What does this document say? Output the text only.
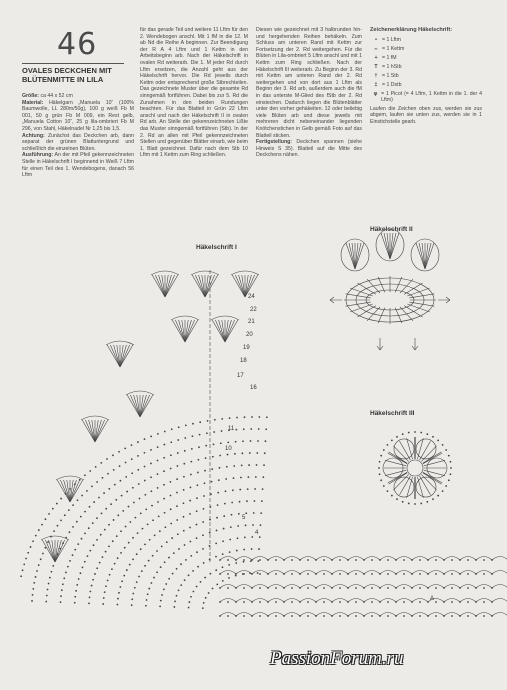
46
OVALES DECKCHEN MIT BLÜTENMITTE IN LILA

Größe: ca 44 x 52 cm

Material: Häkelgarn „Manuela 10“ (100% Baumwolle, LL 280m/50g), 100 g weiß Fb M 001, 50 g grün Fb M 009, ein Rest gelb, „Manuela Cotton 10“, 25 g lila-ombriert Fb M 296, von Stahl, Häkelnadel Nr 1,25 bis 1,5.

Achtung: Zunächst das Deckchen arb, dann separat der grünen Blattuntergrund und schließlich die einzelnen Blüten.

Ausführung: An der mit Pfeil gekennzeichneten Stelle in Häkelschrift I beginnend in Weiß 7 Lftm für einen Teil des 1. Wendebogens, danach 56 Lftm

für das gerade Teil und weitere 11 Lftm für den 2. Wendebogen anschl. Mit 1 fM in die 12. M ab Nd die Reihe A beginnen. Zur Beendigung der R A 4 Lftm und 1 Kettm in den Arbeitsbeginn arb. Nach der Häkelschrift in ovalen Rd weiterarb. Die 1. M jeder Rd durch Lftm ersetzen, die Anzahl geht aus der Häkelschrift hervor. Die Rd jeweils durch Kettm oder entsprechend große Stbrechteilen. Das gezeichnete Muster über die gesamte Rd sinngemäß fortführen. Dabei bis zur 5. Rd die Zunahmen in den beiden Rundungen beachten. Für das Blatteil in Grün 22 Lftm anschl und nach der Häkelschrift II in ovalen Rd arb. An Stelle der gekennzeichneten Lißte das Muster sinngemäß fortführen (Stb). In der 2. Rd an allen mit Pfeil gekennzeichneten Stellen und gegenüber Blätter einarb, wie beim 1. Blatt gezeichnet. Dafür nach dem Stb 10 Lftm mit 1 Kettm zum Ring schließen.

Diesen wie gezeichnet mit 3 halbrunden hin- und hergehenden Reihen behäkeln. Zum Schluss am unteren Rand mit Kettm zur Fortsetzung der 2. Rd weitergehen. Für die Blüten in Lila-ombriert 5 Lftm anschl und mit 1 Kettm zum Ring schließen. Nach der Häkelschrift III weiterarb. Zu Beginn der 3. Rd mit Kettm am unteren Rand der 2. Rd weitergehen und von dort aus 1 Lftm als Beginn der 3. Rd arb, außerdem auch die fM in das unterste M-Glied des fStb der 2. Rd einstechen. Dadurch liegen die Blütenblätter unter den vorher gehäkelten. 12 oder beliebig viele Blüten arb und diese jeweils mit mehreren dicht nebeneinander liegenden Knötchenstichen in Gelb gemäß Foto auf das Blatteil sticken.

Fertigstellung: Deckchen spannen (siehe Hinweis S 35). Blatteil auf die Mitte des Deckchens nähen.

Zeichenerklärung Häkelschrift:
• = 1 Lftm
⌢ = 1 Kettm
+ = 1 fM
T = 1 hStb
† = 1 Stb
‡ = 1 Dstb
φ = 1 Picot (= 4 Lftm, 1 Kettm in die 1. der 4 Lftm)

Laufen die Zeichen oben zus, werden sie zus abgem, laufen sie unten zus, werden sie in 1 Einstichstelle gearb.

Häkelschrift II
Häkelschrift I
Häkelschrift III
24
22
21
20
19
18
17
16
11
10
5
4
A
PassionForum.ru
